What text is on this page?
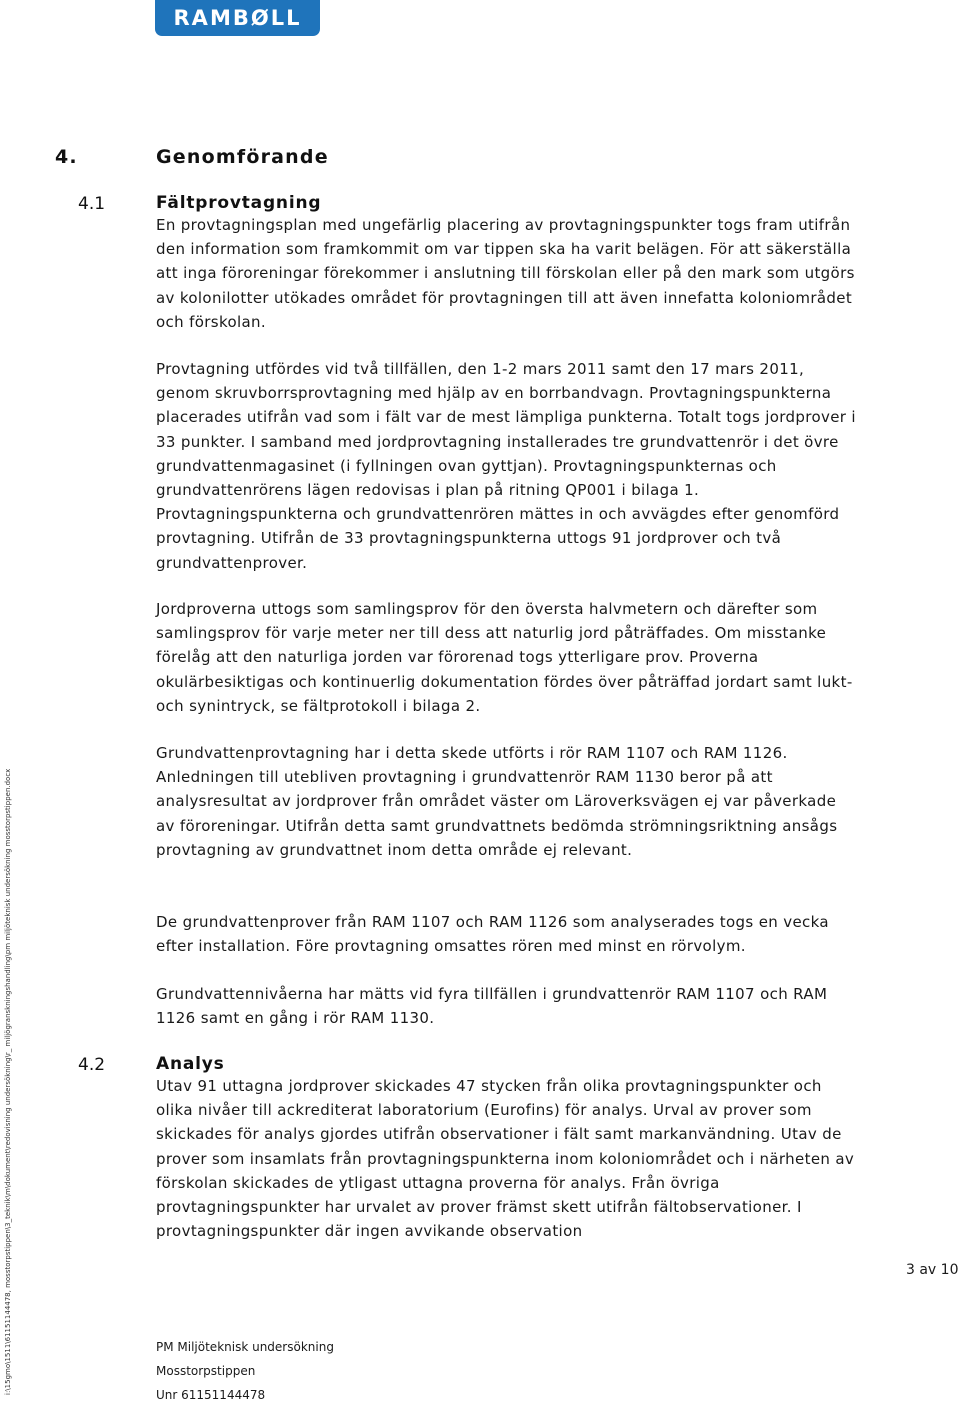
RAMBØLL
4.	Genomförande
4.1	Fältprovtagning

En provtagningsplan med ungefärlig placering av provtagningspunkter togs fram utifrån den information som framkommit om var tippen ska ha varit belägen. För att säkerställa att inga föroreningar förekommer i anslutning till förskolan eller på den mark som utgörs av kolonilotter utökades området för provtagningen till att även innefatta koloniområdet och förskolan.

Provtagning utfördes vid två tillfällen, den 1-2 mars 2011 samt den 17 mars 2011, genom skruvborrsprovtagning med hjälp av en borrbandvagn. Provtagningspunkterna placerades utifrån vad som i fält var de mest lämpliga punkterna. Totalt togs jordprover i 33 punkter. I samband med jordprovtagning installerades tre grundvattenrör i det övre grundvattenmagasinet (i fyllningen ovan gyttjan). Provtagningspunkternas och grundvattenrörens lägen redovisas i plan på ritning QP001 i bilaga 1. Provtagningspunkterna och grundvattenrören mättes in och avvägdes efter genomförd provtagning. Utifrån de 33 provtagningspunkterna uttogs 91 jordprover och två grundvattenprover.

Jordproverna uttogs som samlingsprov för den översta halvmetern och därefter som samlingsprov för varje meter ner till dess att naturlig jord påträffades. Om misstanke förelåg att den naturliga jorden var förorenad togs ytterligare prov. Proverna okulärbesiktigas och kontinuerlig dokumentation fördes över påträffad jordart samt lukt- och synintryck, se fältprotokoll i bilaga 2.

Grundvattenprovtagning har i detta skede utförts i rör RAM 1107 och RAM 1126. Anledningen till utebliven provtagning i grundvattenrör RAM 1130 beror på att analysresultat av jordprover från området väster om Läroverksvägen ej var påverkade av föroreningar. Utifrån detta samt grundvattnets bedömda strömningsriktning ansågs provtagning av grundvattnet inom detta område ej relevant.

De grundvattenprover från RAM 1107 och RAM 1126 som analyserades togs en vecka efter installation. Före provtagning omsattes rören med minst en rörvolym.

Grundvattennivåerna har mätts vid fyra tillfällen i grundvattenrör RAM 1107 och RAM 1126 samt en gång i rör RAM 1130.

4.2	Analys

Utav 91 uttagna jordprover skickades 47 stycken från olika provtagningspunkter och olika nivåer till ackrediterat laboratorium (Eurofins) för analys. Urval av prover som skickades för analys gjordes utifrån observationer i fält samt markanvändning. Utav de prover som insamlats från provtagningspunkterna inom koloniområdet och i närheten av förskolan skickades de ytligast uttagna proverna för analys. Från övriga provtagningspunkter har urvalet av prover främst skett utifrån fältobservationer. I provtagningspunkter där ingen avvikande observation

i:\15gmo\1511\61151144478, mosstorpstippen\3_teknik\m\dokument\redovisning undersökning\r_ miljögranskningshandling\pm miljöteknisk undersökning mosstorpstippen.docx	3 av 10
PM Miljöteknisk undersökning
Mosstorpstippen
Unr 61151144478
